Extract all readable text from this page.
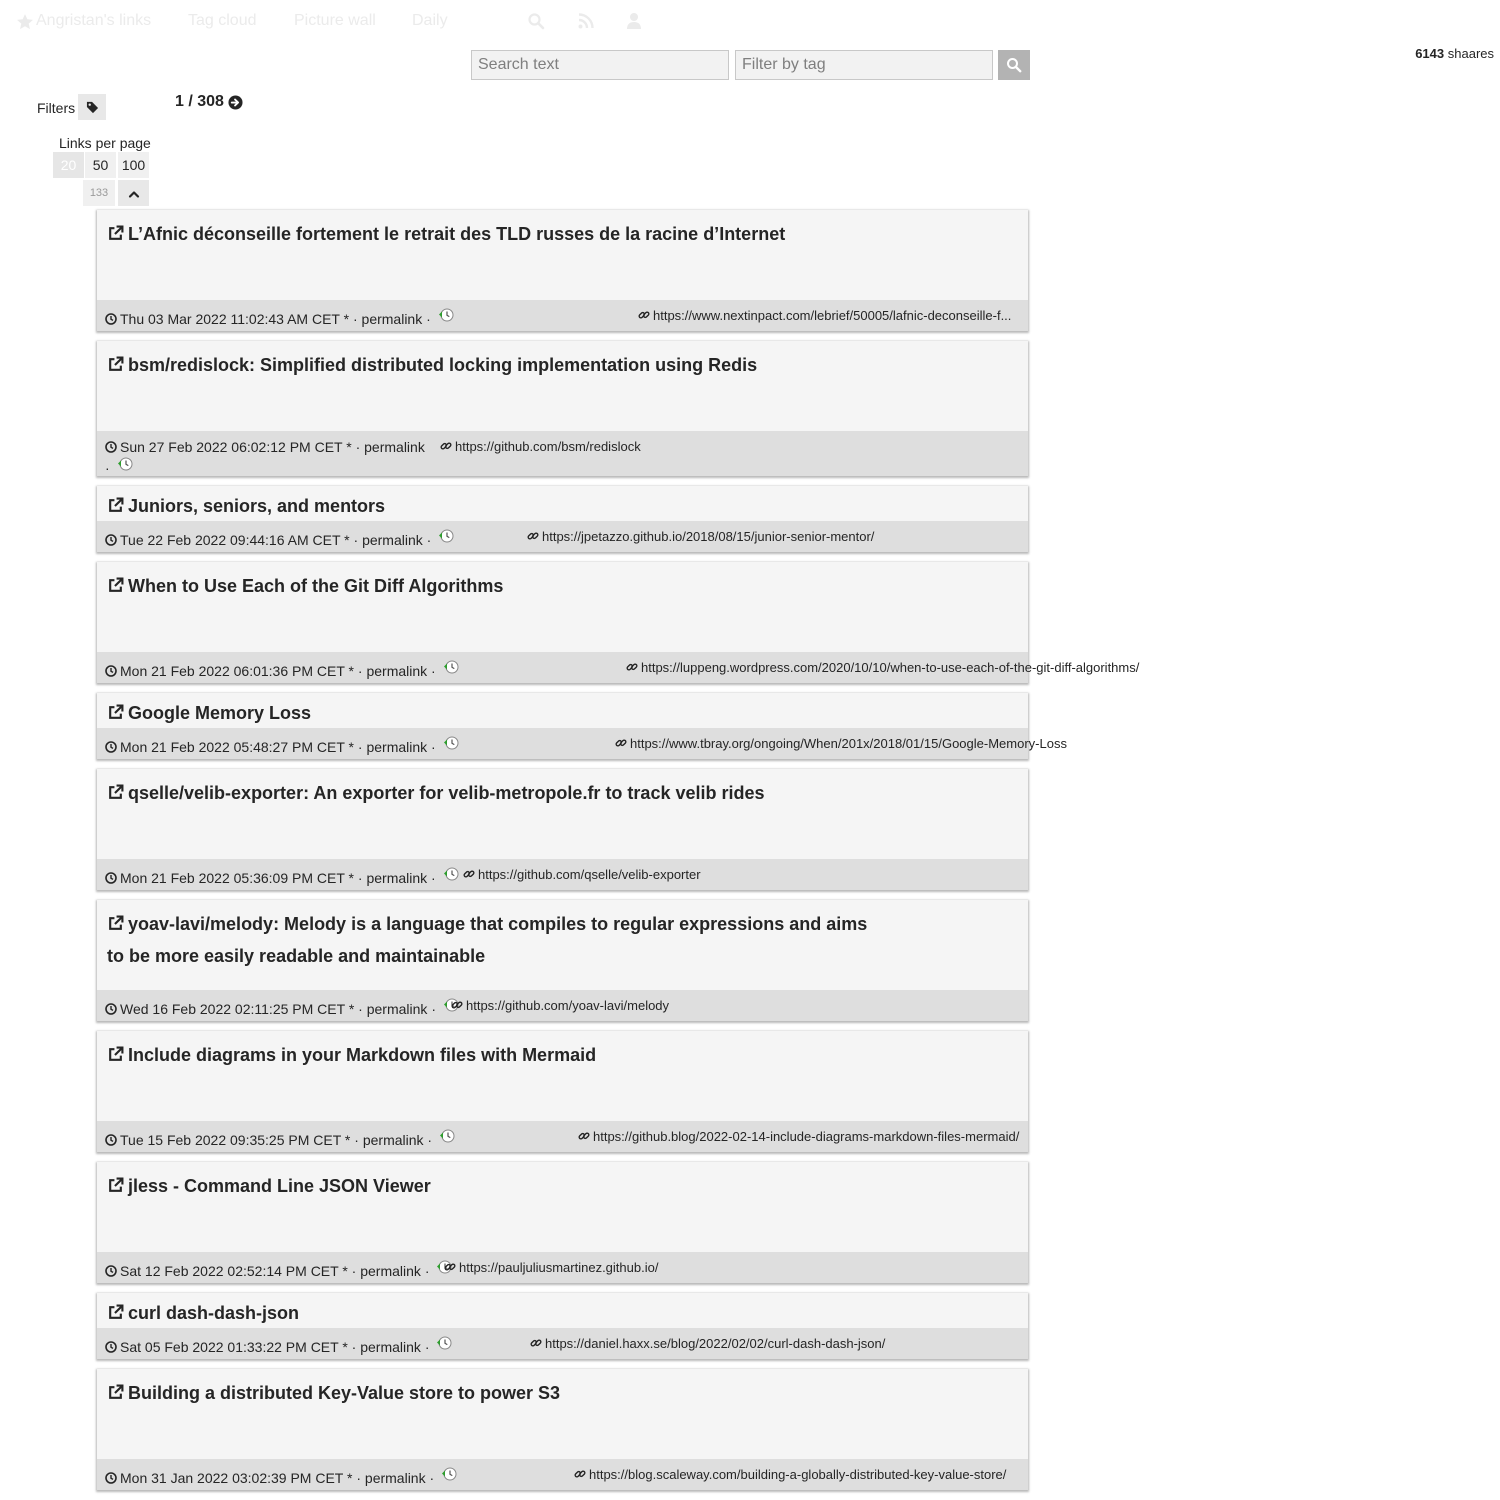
Angristan's links Tag cloud Picture wall Daily
Search text
Filter by tag
6143 shaares
Filters	1 / 308
Links per page
20	50 100
133
L’Afnic déconseille fortement le retrait des TLD russes de la racine d’Internet
Thu 03 Mar 2022 11:02:43 AM CET * · permalink ·	https://www.nextinpact.com/lebrief/50005/lafnic-deconseille-f...
bsm/redislock: Simplified distributed locking implementation using Redis
Sun 27 Feb 2022 06:02:12 PM CET * · permalink ·
https://github.com/bsm/redislock
Juniors, seniors, and mentors
Tue 22 Feb 2022 09:44:16 AM CET * · permalink ·	https://jpetazzo.github.io/2018/08/15/junior-senior-mentor/
When to Use Each of the Git Diff Algorithms
Mon 21 Feb 2022 06:01:36 PM CET * · permalink ·	https://luppeng.wordpress.com/2020/10/10/when-to-use-each-of-the-git-diff-algorithms/
Google Memory Loss
Mon 21 Feb 2022 05:48:27 PM CET * · permalink ·	https://www.tbray.org/ongoing/When/201x/2018/01/15/Google-Memory-Loss
qselle/velib-exporter: An exporter for velib-metropole.fr to track velib rides
Mon 21 Feb 2022 05:36:09 PM CET * · permalink ·	https://github.com/qselle/velib-exporter
yoav-lavi/melody: Melody is a language that compiles to regular expressions and aims to be more easily readable and maintainable
Wed 16 Feb 2022 02:11:25 PM CET * · permalink ·	https://github.com/yoav-lavi/melody
Include diagrams in your Markdown files with Mermaid
Tue 15 Feb 2022 09:35:25 PM CET * · permalink ·	https://github.blog/2022-02-14-include-diagrams-markdown-files-mermaid/
jless - Command Line JSON Viewer
Sat 12 Feb 2022 02:52:14 PM CET * · permalink ·	https://pauljuliusmartinez.github.io/
curl dash-dash-json
Sat 05 Feb 2022 01:33:22 PM CET * · permalink ·	https://daniel.haxx.se/blog/2022/02/02/curl-dash-dash-json/
Building a distributed Key-Value store to power S3
Mon 31 Jan 2022 03:02:39 PM CET * · permalink ·	https://blog.scaleway.com/building-a-globally-distributed-key-value-store/
